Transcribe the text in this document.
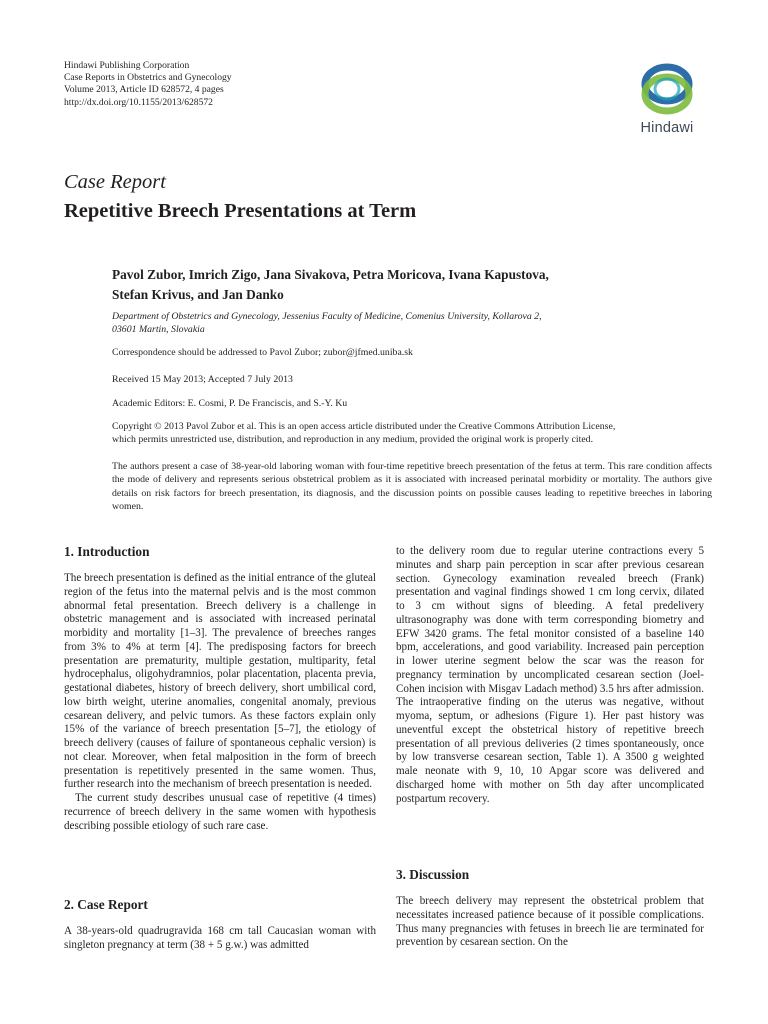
Hindawi Publishing Corporation
Case Reports in Obstetrics and Gynecology
Volume 2013, Article ID 628572, 4 pages
http://dx.doi.org/10.1155/2013/628572
Hindawi
Case Report
Repetitive Breech Presentations at Term
Pavol Zubor, Imrich Zigo, Jana Sivakova, Petra Moricova, Ivana Kapustova,
Stefan Krivus, and Jan Danko
Department of Obstetrics and Gynecology, Jessenius Faculty of Medicine, Comenius University, Kollarova 2,
03601 Martin, Slovakia
Correspondence should be addressed to Pavol Zubor; zubor@jfmed.uniba.sk
Received 15 May 2013; Accepted 7 July 2013
Academic Editors: E. Cosmi, P. De Franciscis, and S.-Y. Ku
Copyright © 2013 Pavol Zubor et al. This is an open access article distributed under the Creative Commons Attribution License,
which permits unrestricted use, distribution, and reproduction in any medium, provided the original work is properly cited.
The authors present a case of 38-year-old laboring woman with four-time repetitive breech presentation of the fetus at term. This rare condition affects the mode of delivery and represents serious obstetrical problem as it is associated with increased perinatal morbidity or mortality. The authors give details on risk factors for breech presentation, its diagnosis, and the discussion points on possible causes leading to repetitive breeches in laboring women.
1. Introduction

The breech presentation is defined as the initial entrance of the gluteal region of the fetus into the maternal pelvis and is the most common abnormal fetal presentation. Breech delivery is a challenge in obstetric management and is associated with increased perinatal morbidity and mortality [1–3]. The prevalence of breeches ranges from 3% to 4% at term [4]. The predisposing factors for breech presentation are prematurity, multiple gestation, multiparity, fetal hydrocephalus, oligohydramnios, polar placentation, placenta previa, gestational diabetes, history of breech delivery, short umbilical cord, low birth weight, uterine anomalies, congenital anomaly, previous cesarean delivery, and pelvic tumors. As these factors explain only 15% of the variance of breech presentation [5–7], the etiology of breech delivery (causes of failure of spontaneous cephalic version) is not clear. Moreover, when fetal malposition in the form of breech presentation is repetitively presented in the same women. Thus, further research into the mechanism of breech presentation is needed.

The current study describes unusual case of repetitive (4 times) recurrence of breech delivery in the same women with hypothesis describing possible etiology of such rare case.

2. Case Report

A 38-years-old quadrugravida 168 cm tall Caucasian woman with singleton pregnancy at term (38 + 5 g.w.) was admitted

to the delivery room due to regular uterine contractions every 5 minutes and sharp pain perception in scar after previous cesarean section. Gynecology examination revealed breech (Frank) presentation and vaginal findings showed 1 cm long cervix, dilated to 3 cm without signs of bleeding. A fetal predelivery ultrasonography was done with term corresponding biometry and EFW 3420 grams. The fetal monitor consisted of a baseline 140 bpm, accelerations, and good variability. Increased pain perception in lower uterine segment below the scar was the reason for pregnancy termination by uncomplicated cesarean section (Joel-Cohen incision with Misgav Ladach method) 3.5 hrs after admission. The intraoperative finding on the uterus was negative, without myoma, septum, or adhesions (Figure 1). Her past history was uneventful except the obstetrical history of repetitive breech presentation of all previous deliveries (2 times spontaneously, once by low transverse cesarean section, Table 1). A 3500 g weighted male neonate with 9, 10, 10 Apgar score was delivered and discharged home with mother on 5th day after uncomplicated postpartum recovery.

3. Discussion

The breech delivery may represent the obstetrical problem that necessitates increased patience because of it possible complications. Thus many pregnancies with fetuses in breech lie are terminated for prevention by cesarean section. On the
